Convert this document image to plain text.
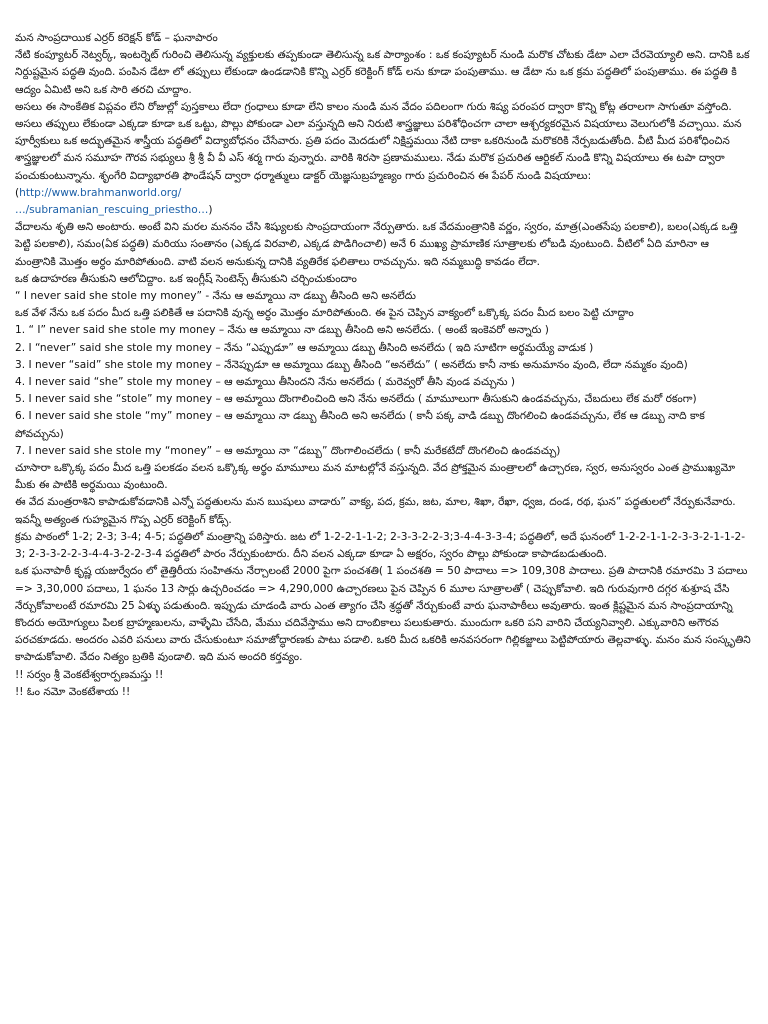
మన సాంప్రదాయిక ఎర్రర్ కరెక్షన్ కోడ్ – ఘనాపారం

నేటి కంప్యూటర్ నెట్వర్క్, ఇంటర్నెట్ గురించి తెలిసున్న వ్యక్తులకు తప్పకుండా తెలిసున్న ఒక పార్యాంశం : ఒక కంప్యూటర్ నుండి మరొక చోటకు డేటా ఎలా చేరవెయ్యాలి అని. దానికి ఒక నిర్దుష్టమైన పద్ధతి వుంది. పంపిన డేటా లో తప్పులు లేకుండా ఉండడానికి కొన్ని ఎర్రర్ కరెక్టింగ్ కోడ్ లను కూడా పంపుతాము. ఆ డేటా ను ఒక క్రమ పద్ధతిలో పంపుతాము. ఈ పద్ధతి కి ఆద్యం ఏమిటి అని ఒక సారి తరచి చూద్దాం.

అసలు ఈ సాంకేతిక విప్లవం లేని రోజుల్లో పుస్తకాలు లేదా గ్రంధాలు కూడా లేని కాలం నుండి మన వేదం పదిలంగా గురు శిష్య పరంపర ద్వారా కొన్ని కోట్ల తరాలగా సాగుతూ వస్తోంది. అసలు తప్పులు లేకుండా ఎక్కడా కూడా ఒక ఒట్టు, పొల్లు పోకుండా ఎలా వస్తున్నది అని నిరుటి శాస్త్రజ్ఞులు పరిశోధించగా చాలా ఆశ్చర్యకరమైన విషయాలు వెలుగులోకి వచ్చాయి. మన పూర్వీకులు ఒక అద్భుతమైన శాస్త్రీయ పద్ధతిలో విద్యాబోధనం చేసేవారు. ప్రతి పదం మెదడులో నిక్షిప్తమయి నేటి దాకా ఒకరినుండి మరొకరికి నేర్పబడుతోంది. వీటి మీద పరిశోధించిన శాస్త్రజ్ఞులలో మన సమూహ గౌరవ సభ్యులు శ్రీ శ్రీ వీ వీ ఎస్ శర్మ గారు వున్నారు. వారికి శిరసా ప్రణామములు. నేడు మరొక ప్రచురిత ఆర్టికల్ నుండి కొన్ని విషయాలు ఈ టపా ద్వారా పంచుకుంటున్నాను. శృంగేరి విద్యాభారతి ఫౌండేషన్ ద్వారా ధర్మాత్ములు డాక్టర్ యెజ్ఞసుబ్రహ్మణ్యం గారు ప్రచురించిన ఈ పేపర్ నుండి విషయాలు: (http://www.brahmanworld.org/
…/subramanian_rescuing_priestho…)

వేదాలను శృతి అని అంటారు. అంటే విని మరల మననం చేసి శిష్యులకు సాంప్రదాయంగా నేర్పుతారు. ఒక వేదమంత్రానికి వర్ణం, స్వరం, మాత్ర(ఎంతసేపు పలకాలి), బలం(ఎక్కడ ఒత్తి పెట్టి పలకాలి), సమం(ఏక పద్ధతి) మరియు సంతానం (ఎక్కడ విరవాలి, ఎక్కడ పొడిగించాలి) అనే 6 ముఖ్య ప్రామాణిక సూత్రాలకు లోబడి వుంటుంది. వీటిలో ఏది మారినా ఆ మంత్రానికి మొత్తం అర్ధం మారిపోతుంది. వాటి వలన అనుకున్న దానికి వ్యతిరేక ఫలితాలు రావచ్చును. ఇది నమ్మబుద్ధి కావడం లేదా.

ఒక ఉదాహరణ తీసుకుని ఆలోచిద్దాం. ఒక ఇంగ్లీష్ సెంటెన్స్ తీసుకుని చర్చించుకుందాం

“ I never said she stole my money” - నేను ఆ అమ్మాయి నా డబ్బు తీసింది అని అనలేదు

ఒక వేళ నేను ఒక పదం మీద ఒత్తి పలికితే ఆ పదానికి వున్న అర్ధం మొత్తం మారిపోతుంది. ఈ పైన చెప్పిన వాక్యంలో ఒక్కొక్క పదం మీద బలం పెట్టి చూద్దాం

1. “ I” never said she stole my money – నేను ఆ అమ్మాయి నా డబ్బు తీసింది అని అనలేదు. ( అంటే ఇంకెవరో అన్నారు )

2. I “never” said she stole my money – నేను “ఎప్పుడూ” ఆ అమ్మాయి డబ్బు తీసింది అనలేదు ( ఇది సూటిగా అర్థమయ్యే వాడుక )

3. I never “said” she stole my money – నేనెప్పుడూ ఆ అమ్మాయి డబ్బు తీసింది “అనలేదు” ( అనలేదు కానీ నాకు అనుమానం వుంది, లేదా నమ్మకం వుంది)

4. I never said “she” stole my money – ఆ అమ్మాయి తీసిందని నేను అనలేదు ( మరెవ్వరో తీసి వుండ వచ్చును )

5. I never said she “stole” my money – ఆ అమ్మాయి దొంగాలించింది అని నేను అనలేదు ( మామూలుగా తీసుకుని ఉండవచ్చును, చేబదులు లేక మరో రకంగా)

6. I never said she stole “my” money – ఆ అమ్మాయి నా డబ్బు తీసింది అని అనలేదు ( కానీ పక్క వాడి డబ్బు దొంగలించి ఉండవచ్చును, లేక ఆ డబ్బు నాది కాక పోవచ్చును)

7. I never said she stole my “money” – ఆ అమ్మాయి నా “డబ్బు” దొంగాలించలేదు ( కానీ మరేకటేదో దొంగలించి ఉండవచ్చు)

చూసారా ఒక్కొక్క పదం మీద ఒత్తి పలకడం వలన ఒక్కొక్క అర్థం మామూలు మన మాటల్లోనే వస్తున్నది. వేద ప్రోక్తమైన మంత్రాలలో ఉచ్చారణ, స్వర, అనుస్వరం ఎంత ప్రాముఖ్యమో మీకు ఈ పాటికి అర్థమయి వుంటుంది.

ఈ వేద మంత్రరాశిని కాపాడుకోవడానికి ఎన్నో పద్ధతులను మన ఋషులు వాడారు” వాక్య, పద, క్రమ, జట, మాల, శిఖా, రేఖా, ధ్వజ, దండ, రథ, ఘన” పద్ధతులలో నేర్పుకునేవారు. ఇవన్నీ అత్యంత గుహ్యమైన గొప్ప ఎర్రర్ కరెక్టింగ్ కోడ్స్.

క్రమ పాఠంలో 1-2; 2-3; 3-4; 4-5; పద్ధతిలో మంత్రాన్ని పఠిస్తారు. జట లో 1-2-2-1-1-2; 2-3-3-2-2-3;3-4-4-3-3-4; పద్ధతిలో, అదే ఘనంలో 1-2-2-1-1-2-3-3-2-1-1-2-3; 2-3-3-2-2-3-4-4-3-2-2-3-4 పద్ధతిలో పారం నేర్పుకుంటారు. దీని వలన ఎక్కడా కూడా ఏ అక్షరం, స్వరం పొల్లు పోకుండా కాపాడబడుతుంది.

ఒక ఘనాపాఠీ కృష్ణ యజుర్వేదం లో తైత్తిరీయ సంహితను నేర్చాలంటే 2000 పైగా పంచశతి( 1 పంచశతి = 50 పాదాలు => 109,308 పాదాలు. ప్రతి పాదానికి రమారమి 3 పదాలు => 3,30,000 పదాలు, 1 ఘనం 13 సార్లు ఉచ్చరించడం => 4,290,000 ఉచ్చారణలు పైన చెప్పిన 6 మూల సూత్రాలతో ( చెప్పుకోవాలి. ఇది గురువుగారి దగ్గర శుశ్రూష చేసి నేర్చుకోవాలంటే రమారమి 25 ఏళ్ళు పడుతుంది. ఇప్పుడు చూడండి వారు ఎంత త్యాగం చేసి శ్రద్ధతో నేర్చుకుంటే వారు ఘనాపాఠీలు అవుతారు. ఇంత క్లిష్టమైన మన సాంప్రదాయాన్ని కొందరు అయోగ్యులు పిలక బ్రాహ్మణులను, వాళ్ళేమి చేసేది, మేము చదివేస్తాము అని దాంబికాలు పలుకుతారు. ముందుగా ఒకరి పని వారిని చేయ్యనివ్వాలి. ఎక్కువారిని అగౌరవ పరచకూడదు. అందరం ఎవరి పనులు వారు చేసుకుంటూ సమాజోద్ధారణకు పాటు పడాలి. ఒకరి మీద ఒకరికి అనవసరంగా గిల్లికజ్జాలు పెట్టిపోయారు తెల్లవాళ్ళు. మనం మన సంస్కృతిని కాపాడుకోవాలి. వేదం నిత్యం బ్రతికి వుండాలి. ఇది మన అందరి కర్తవ్యం.

!! సర్వం శ్రీ వెంకటేశ్వరార్పణమస్తు !!

!! ఓం నమో వెంకటేశాయ !!
